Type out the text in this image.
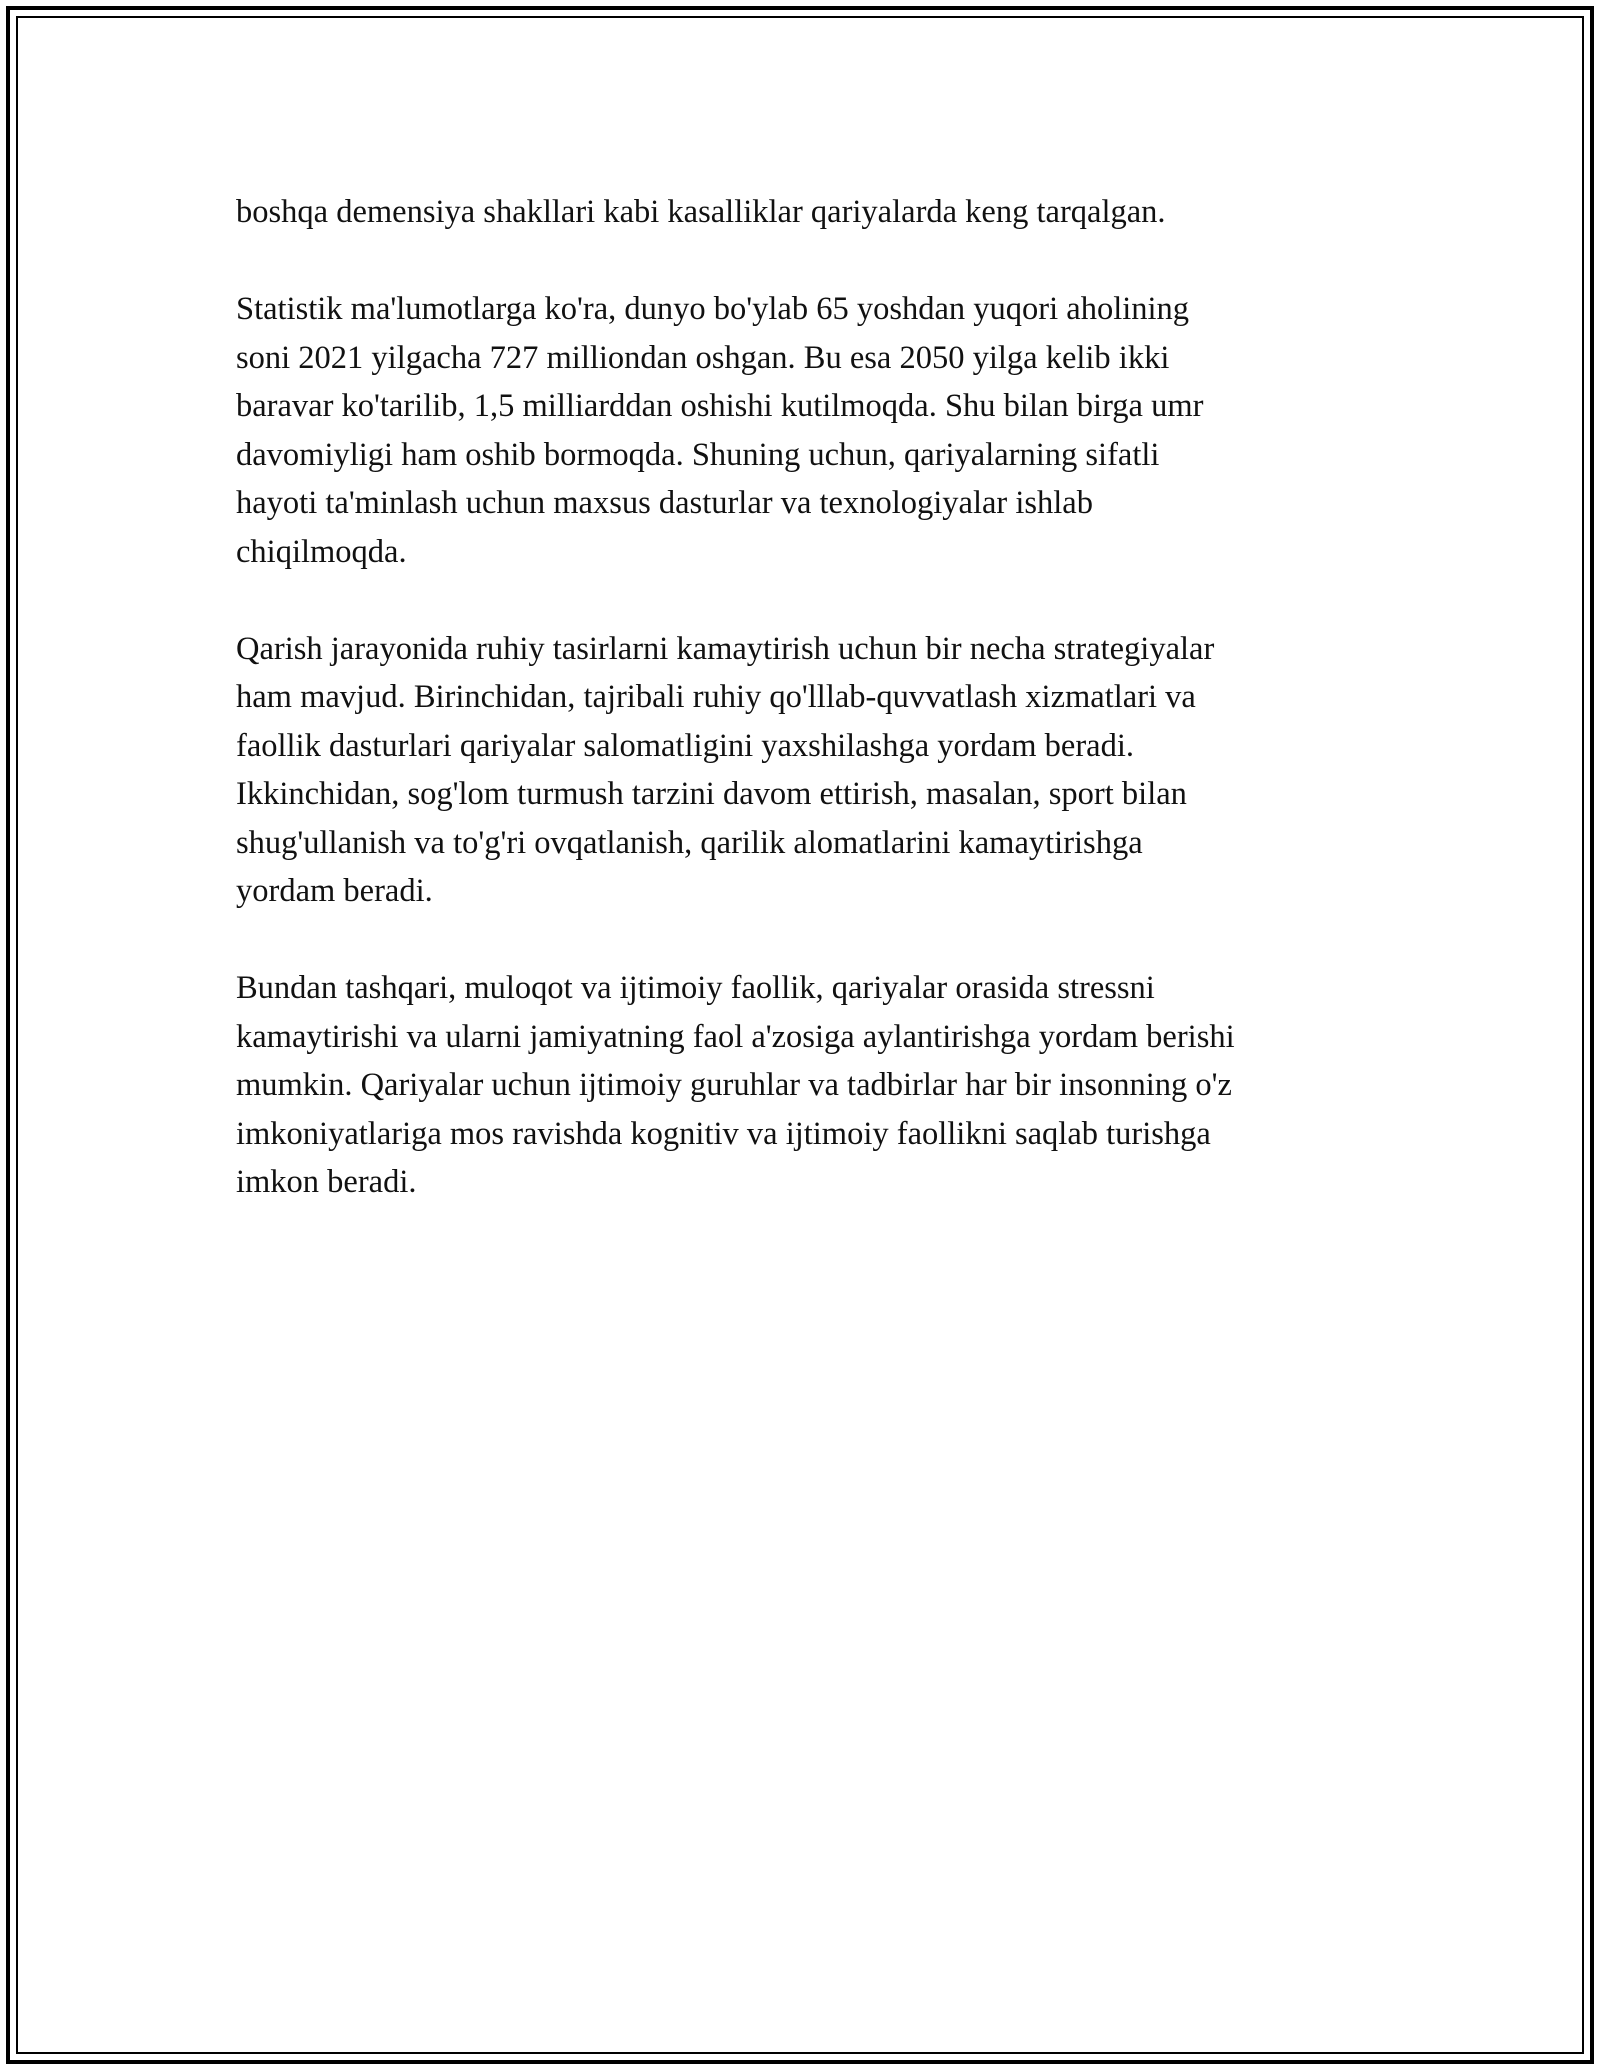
boshqa demensiya shakllari kabi kasalliklar qariyalarda keng tarqalgan.

Statistik ma'lumotlarga ko'ra, dunyo bo'ylab 65 yoshdan yuqori aholining
soni 2021 yilgacha 727 milliondan oshgan. Bu esa 2050 yilga kelib ikki
baravar ko'tarilib, 1,5 milliarddan oshishi kutilmoqda. Shu bilan birga umr
davomiyligi ham oshib bormoqda. Shuning uchun, qariyalarning sifatli
hayoti ta'minlash uchun maxsus dasturlar va texnologiyalar ishlab
chiqilmoqda.

Qarish jarayonida ruhiy tasirlarni kamaytirish uchun bir necha strategiyalar
ham mavjud. Birinchidan, tajribali ruhiy qo'lllab-quvvatlash xizmatlari va
faollik dasturlari qariyalar salomatligini yaxshilashga yordam beradi.
Ikkinchidan, sog'lom turmush tarzini davom ettirish, masalan, sport bilan
shug'ullanish va to'g'ri ovqatlanish, qarilik alomatlarini kamaytirishga
yordam beradi.

Bundan tashqari, muloqot va ijtimoiy faollik, qariyalar orasida stressni
kamaytirishi va ularni jamiyatning faol a'zosiga aylantirishga yordam berishi
mumkin. Qariyalar uchun ijtimoiy guruhlar va tadbirlar har bir insonning o'z
imkoniyatlariga mos ravishda kognitiv va ijtimoiy faollikni saqlab turishga
imkon beradi.
